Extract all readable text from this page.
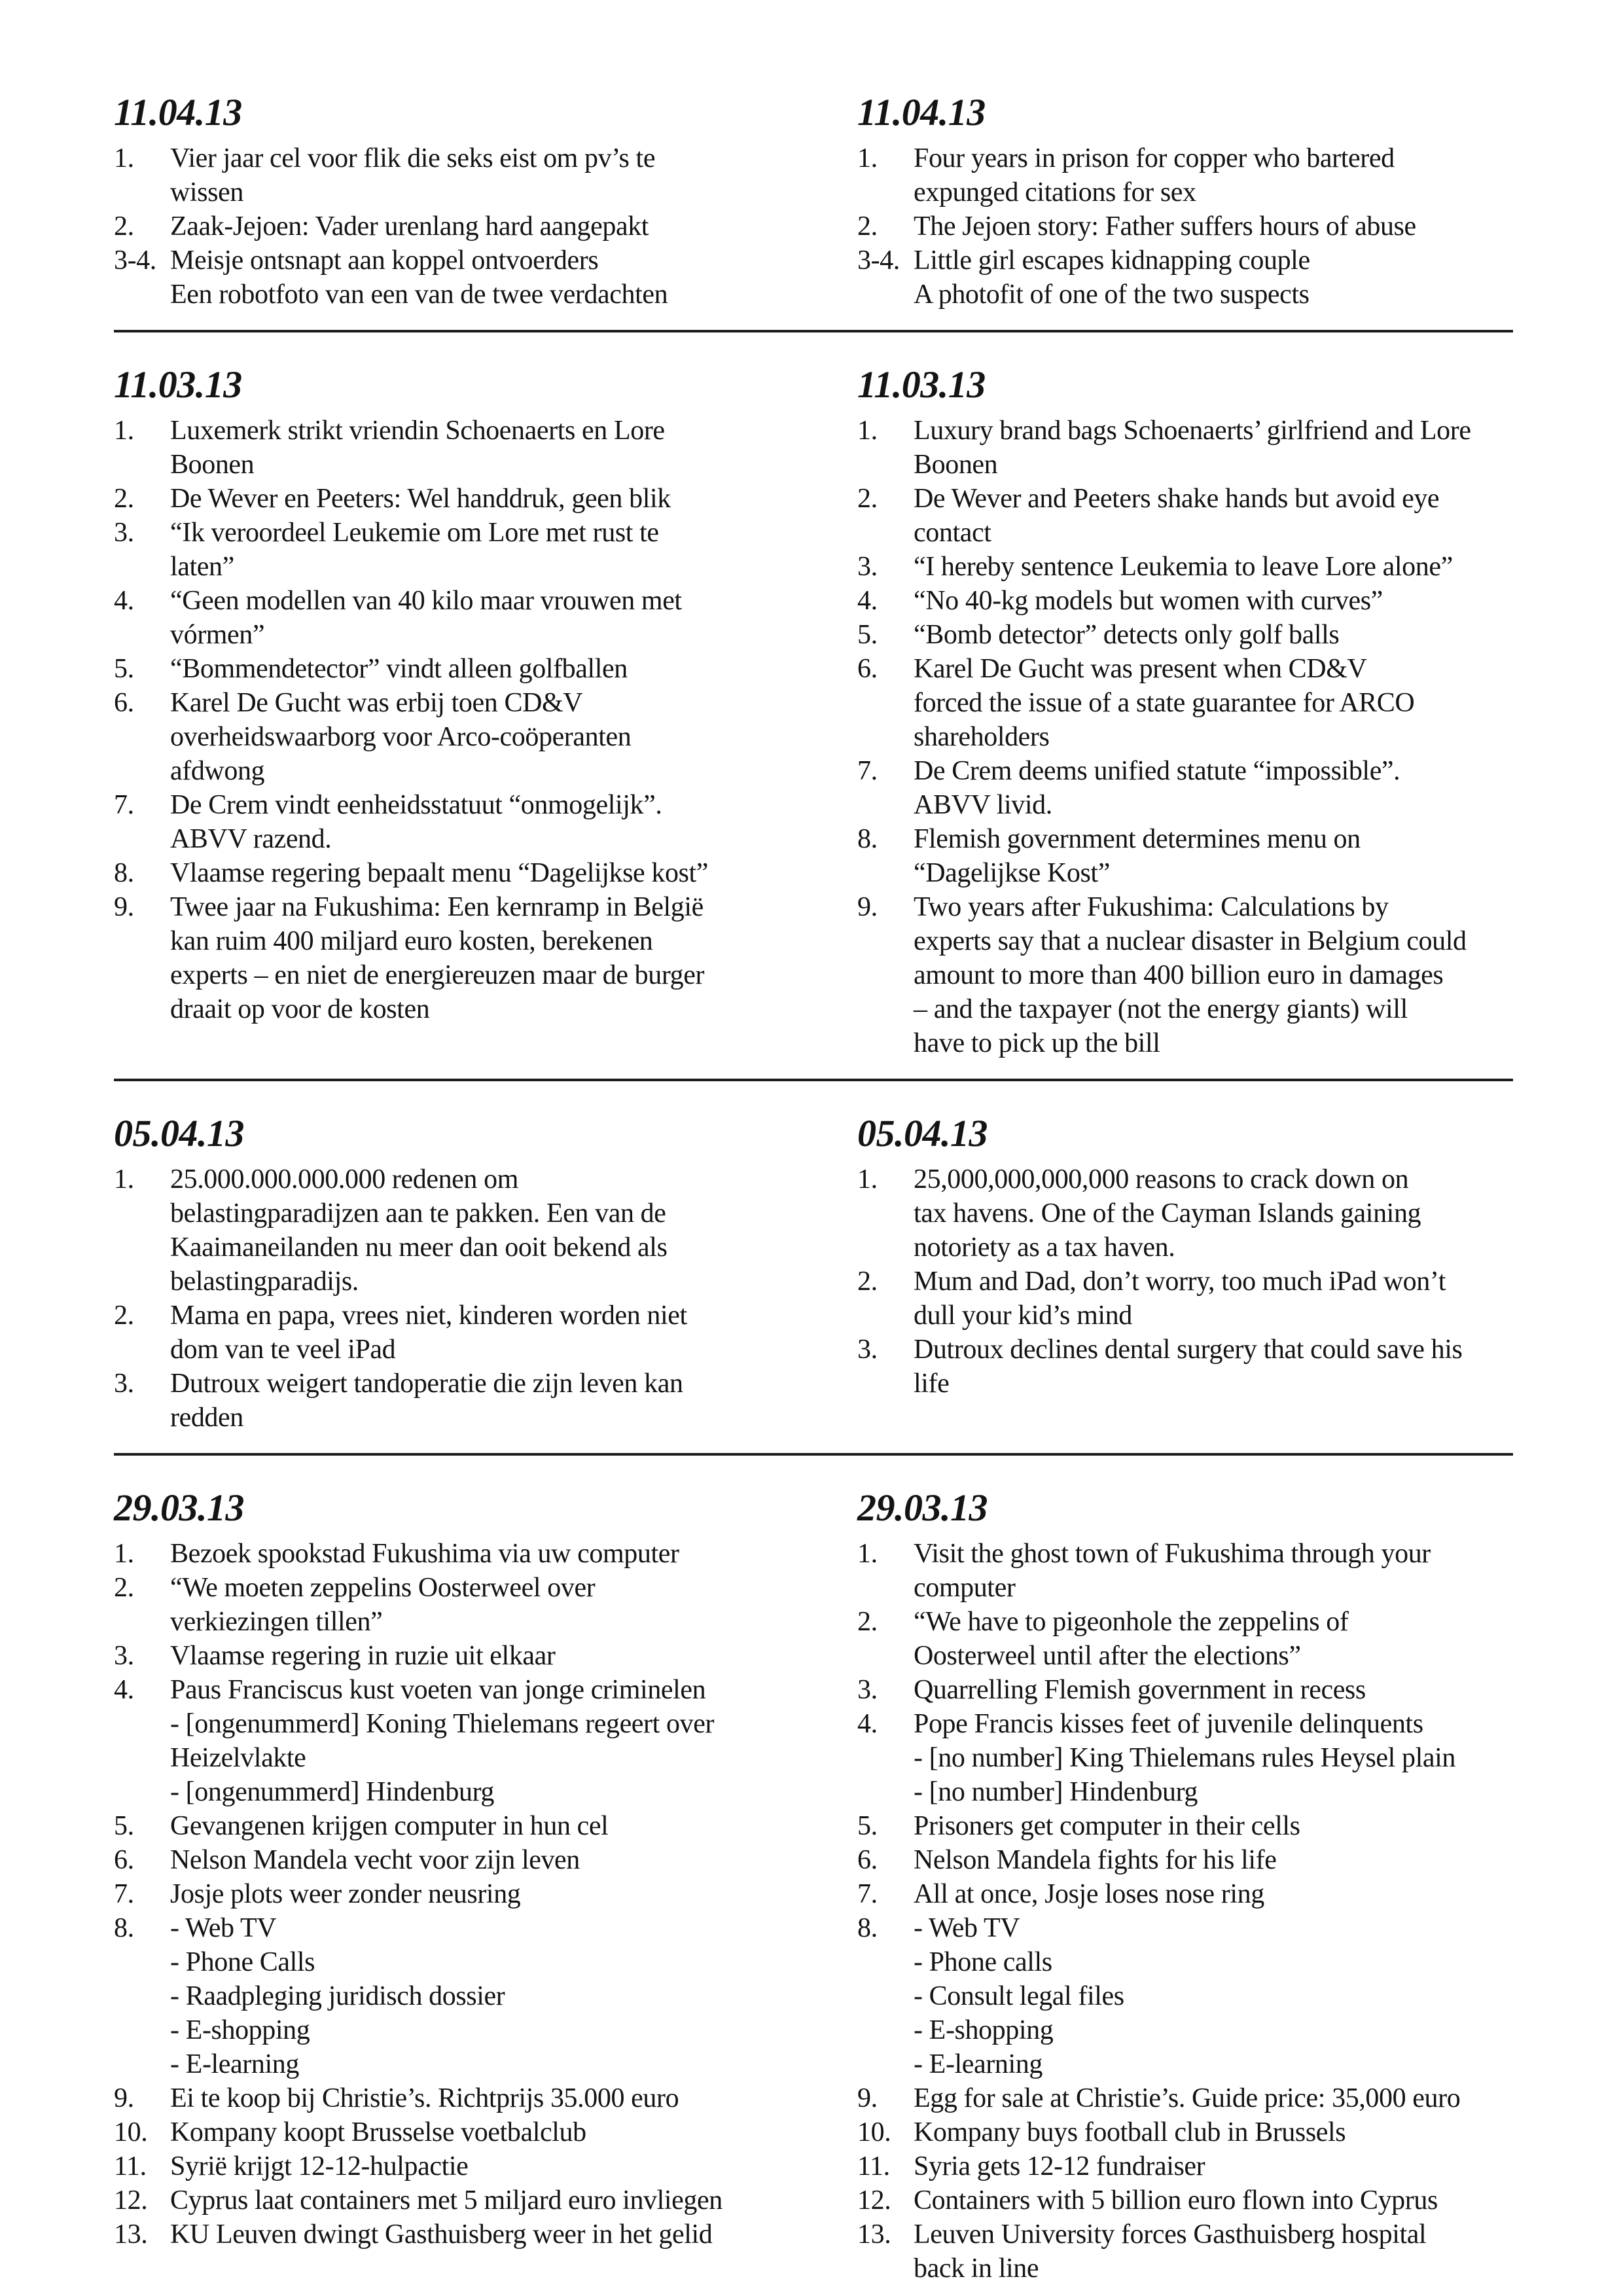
11.04.13
1.	Vier jaar cel voor flik die seks eist om pv’s te
wissen
2.	Zaak-Jejoen: Vader urenlang hard aangepakt
3-4. Meisje ontsnapt aan koppel ontvoerders
Een robotfoto van een van de twee verdachten
11.04.13
1.	Four years in prison for copper who bartered
expunged citations for sex
2.	The Jejoen story: Father suffers hours of abuse
3-4. Little girl escapes kidnapping couple
A photofit of one of the two suspects
11.03.13
1.	Luxemerk strikt vriendin Schoenaerts en Lore
Boonen
2.	De Wever en Peeters: Wel handdruk, geen blik
3.	“Ik veroordeel Leukemie om Lore met rust te
laten”
4.	“Geen modellen van 40 kilo maar vrouwen met
vórmen”
5.	“Bommendetector” vindt alleen golfballen
6.	Karel De Gucht was erbij toen CD&V
overheidswaarborg voor Arco-coöperanten
afdwong
7.	De Crem vindt eenheidsstatuut “onmogelijk”.
ABVV razend.
8.	Vlaamse regering bepaalt menu “Dagelijkse kost”
9.	Twee jaar na Fukushima: Een kernramp in België
kan ruim 400 miljard euro kosten, berekenen
experts – en niet de energiereuzen maar de burger
draait op voor de kosten
11.03.13
1.	Luxury brand bags Schoenaerts’ girlfriend and Lore
Boonen
2.	De Wever and Peeters shake hands but avoid eye
contact
3.	“I hereby sentence Leukemia to leave Lore alone”
4.	“No 40-kg models but women with curves”
5.	“Bomb detector” detects only golf balls
6.	Karel De Gucht was present when CD&V
forced the issue of a state guarantee for ARCO
shareholders
7.	De Crem deems unified statute “impossible”.
ABVV livid.
8.	Flemish government determines menu on
“Dagelijkse Kost”
9.	Two years after Fukushima: Calculations by
experts say that a nuclear disaster in Belgium could
amount to more than 400 billion euro in damages
– and the taxpayer (not the energy giants) will
have to pick up the bill
05.04.13
1.	25.000.000.000.000 redenen om
belastingparadijzen aan te pakken. Een van de
Kaaimaneilanden nu meer dan ooit bekend als
belastingparadijs.
2.	Mama en papa, vrees niet, kinderen worden niet
dom van te veel iPad
3.	Dutroux weigert tandoperatie die zijn leven kan
redden
05.04.13
1.	25,000,000,000,000 reasons to crack down on
tax havens. One of the Cayman Islands gaining
notoriety as a tax haven.
2.	Mum and Dad, don’t worry, too much iPad won’t
dull your kid’s mind
3.	Dutroux declines dental surgery that could save his
life
29.03.13
1.	Bezoek spookstad Fukushima via uw computer
2.	“We moeten zeppelins Oosterweel over
verkiezingen tillen”
3.	Vlaamse regering in ruzie uit elkaar
4.	Paus Franciscus kust voeten van jonge criminelen
- [ongenummerd] Koning Thielemans regeert over
Heizelvlakte
- [ongenummerd] Hindenburg
5.	Gevangenen krijgen computer in hun cel
6.	Nelson Mandela vecht voor zijn leven
7.	Josje plots weer zonder neusring
8.	- Web TV
- Phone Calls
- Raadpleging juridisch dossier
- E-shopping
- E-learning
9.	Ei te koop bij Christie’s. Richtprijs 35.000 euro
10. Kompany koopt Brusselse voetbalclub
11. Syrië krijgt 12-12-hulpactie
12. Cyprus laat containers met 5 miljard euro invliegen
13. KU Leuven dwingt Gasthuisberg weer in het gelid
29.03.13
1.	Visit the ghost town of Fukushima through your
computer
2.	“We have to pigeonhole the zeppelins of
Oosterweel until after the elections”
3.	Quarrelling Flemish government in recess
4.	Pope Francis kisses feet of juvenile delinquents
- [no number] King Thielemans rules Heysel plain
- [no number] Hindenburg
5.	Prisoners get computer in their cells
6.	Nelson Mandela fights for his life
7.	All at once, Josje loses nose ring
8.	- Web TV
- Phone calls
- Consult legal files
- E-shopping
- E-learning
9.	Egg for sale at Christie’s. Guide price: 35,000 euro
10. Kompany buys football club in Brussels
11. Syria gets 12-12 fundraiser
12. Containers with 5 billion euro flown into Cyprus
13. Leuven University forces Gasthuisberg hospital
back in line
